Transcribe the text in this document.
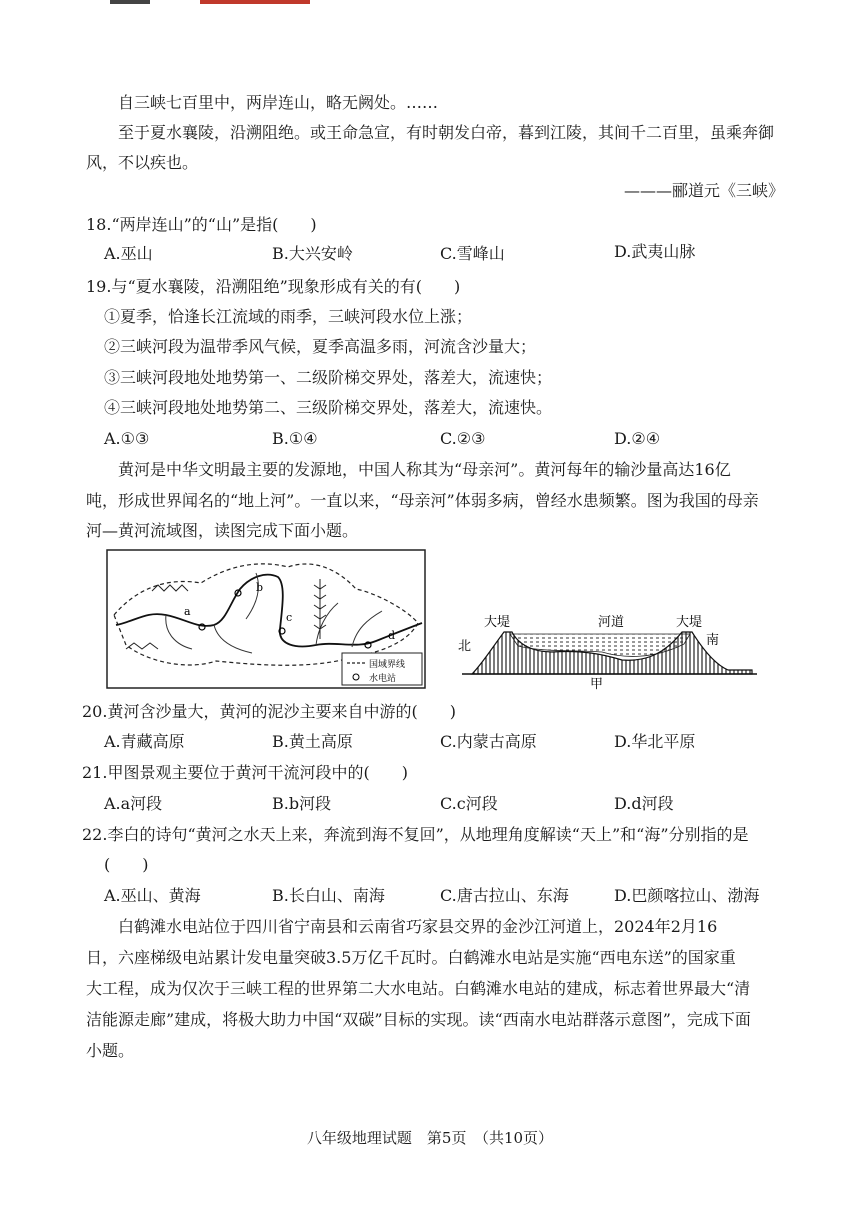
自三峡七百里中，两岸连山，略无阙处。……
至于夏水襄陵，沿溯阻绝。或王命急宣，有时朝发白帝，暮到江陵，其间千二百里，虽乘奔御
风，不以疾也。
———郦道元《三峡》
18.“两岸连山”的“山”是指(　　)
A.巫山	B.大兴安岭	C.雪峰山	D.武夷山脉
19.与“夏水襄陵，沿溯阻绝”现象形成有关的有(　　)
①夏季，恰逢长江流域的雨季，三峡河段水位上涨；
②三峡河段为温带季风气候，夏季高温多雨，河流含沙量大；
③三峡河段地处地势第一、二级阶梯交界处，落差大，流速快；
④三峡河段地处地势第二、三级阶梯交界处，落差大，流速快。
A.①③	B.①④	C.②③	D.②④
黄河是中华文明最主要的发源地，中国人称其为“母亲河”。黄河每年的输沙量高达16亿
吨，形成世界闻名的“地上河”。一直以来，“母亲河”体弱多病，曾经水患频繁。图为我国的母亲
河—黄河流域图，读图完成下面小题。
a
b
c
d
国域界线
水电站
大堤	河道	大堤
北	南
甲
20.黄河含沙量大，黄河的泥沙主要来自中游的(　　)
A.青藏高原	B.黄土高原	C.内蒙古高原	D.华北平原
21.甲图景观主要位于黄河干流河段中的(　　)
A.a河段	B.b河段	C.c河段	D.d河段
22.李白的诗句“黄河之水天上来，奔流到海不复回”，从地理角度解读“天上”和“海”分别指的是
(　　)
A.巫山、黄海	B.长白山、南海	C.唐古拉山、东海	D.巴颜喀拉山、渤海
白鹤滩水电站位于四川省宁南县和云南省巧家县交界的金沙江河道上，2024年2月16
日，六座梯级电站累计发电量突破3.5万亿千瓦时。白鹤滩水电站是实施“西电东送”的国家重
大工程，成为仅次于三峡工程的世界第二大水电站。白鹤滩水电站的建成，标志着世界最大“清
洁能源走廊”建成，将极大助力中国“双碳”目标的实现。读“西南水电站群落示意图”，完成下面
小题。
八年级地理试题　第5页　（共10页）
